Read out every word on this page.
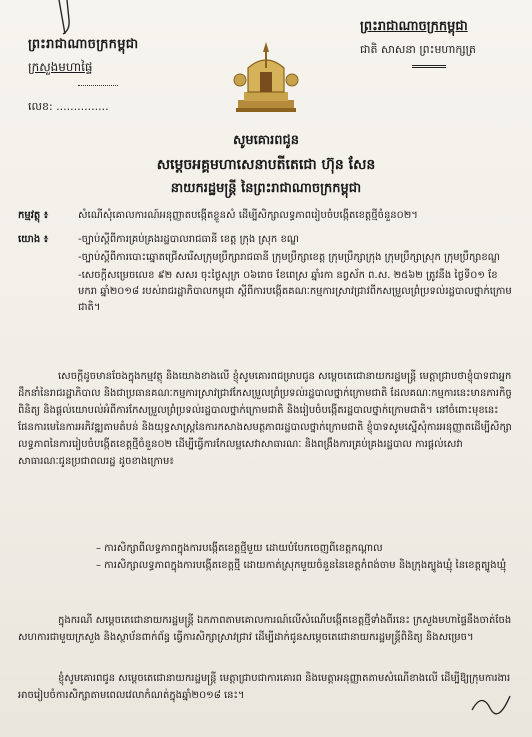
ព្រះរាជាណាចក្រកម្ពុជា
ក្រសួងមហាផ្ទៃ
លេខ: ...............
ព្រះរាជាណាចក្រកម្ពុជា
ជាតិ សាសនា ព្រះមហាក្សត្រ
សូមគោរពជូន
សម្តេចអគ្គមហាសេនាបតីតេជោ ហ៊ុន សែន
នាយករដ្ឋមន្ត្រី នៃព្រះរាជាណាចក្រកម្ពុជា
កម្មវត្ថុ ៖	សំណើសុំគោលការណ៍អនុញ្ញាតបង្កើតខ្លួនសំ ដើម្បីសិក្សាលទ្ធភាពរៀបចំបង្កើតខេត្តថ្មីចំនួន០២។
យោង ៖	-ច្បាប់ស្តីពីការគ្រប់គ្រងរដ្ឋបាលរាជធានី ខេត្ត ក្រុង ស្រុក ខណ្ឌ
-ច្បាប់ស្តីពីការបោះឆ្នោតជ្រើសរើសក្រុមប្រឹក្សារាជធានី ក្រុមប្រឹក្សាខេត្ត ក្រុមប្រឹក្សាក្រុង ក្រុមប្រឹក្សាស្រុក ក្រុមប្រឹក្សាខណ្ឌ
-សេចក្តីសម្រេចលេខ ៩២ សសរ ចុះថ្ងៃសុក្រ ០៦រោច ខែពេស្រ ឆ្នាំរកា នព្វស័ក ព.ស. ២៥៦២ ត្រូវនឹង ថ្ងៃទី០១ ខែមករា ឆ្នាំ២០១៨ របស់រាជរដ្ឋាភិបាលកម្ពុជា ស្តីពីការបង្កើតគណៈកម្មការស្រាវជ្រាវពីកសម្រួលព្រំប្រទល់រដ្ឋបាលថ្នាក់ក្រោមជាតិ។
សេចក្តីដូចមានចែងក្នុងកម្មវត្ថុ និងយោងខាងលើ ខ្ញុំសូមគោរពជម្រាបជូន សម្តេចតេជោនាយករដ្ឋមន្ត្រី មេត្តាជ្រាបថាខ្ញុំបាទជាអ្នកដឹកនាំនៃរាជរដ្ឋាភិបាល និងជាប្រធានគណៈកម្មការស្រាវជ្រាវកែសម្រួលព្រំប្រទល់រដ្ឋបាលថ្នាក់ក្រោមជាតិ ដែលគណៈកម្មការនេះមានភារកិច្ចពិនិត្យ និងផ្តល់យោបល់អំពីការកែសម្រួលព្រំប្រទល់រដ្ឋបាលថ្នាក់ក្រោមជាតិ និងរៀបចំបង្កើតរដ្ឋបាលថ្នាក់ក្រោមជាតិ។ នៅចំពោះមុខនេះ ផែនការមេនៃការអភិវឌ្ឍតាមតំបន់ និងយុទ្ធសាស្ត្រនៃការកសាងសមត្ថភាពរដ្ឋបាលថ្នាក់ក្រោមជាតិ ខ្ញុំបាទសូមស្នើសុំការអនុញ្ញាតដើម្បីសិក្សាលទ្ធភាពនៃការរៀបចំបង្កើតខេត្តថ្មីចំនួន០២ ដើម្បីធ្វើការកែលម្អសេវាសាធារណៈ និងពង្រឹងការគ្រប់គ្រងរដ្ឋបាល ការផ្តល់សេវាសាធារណៈជូនប្រជាពលរដ្ឋ ដូចខាងក្រោម៖
– ការសិក្សាពីលទ្ធភាពក្នុងការបង្កើតខេត្តថ្មីមួយ ដោយបំបែកចេញពីខេត្តកណ្តាល
– ការសិក្សាលទ្ធភាពក្នុងការបង្កើតខេត្តថ្មី ដោយកាត់ស្រុកមួយចំនួននៃខេត្តកំពង់ចាម និងក្រុងត្បូងឃ្មុំ នៃខេត្តត្បូងឃ្មុំ
ក្នុងករណី សម្តេចតេជោនាយករដ្ឋមន្ត្រី ឯកភាពតាមគោលការណ៍លើសំណើបង្កើតខេត្តថ្មីទាំងពីរនេះ ក្រសួងមហាផ្ទៃនឹងចាត់ចែងសហការជាមួយក្រសួង និងស្ថាប័នពាក់ព័ន្ធ ធ្វើការសិក្សាស្រាវជ្រាវ ដើម្បីដាក់ជូនសម្តេចតេជោនាយករដ្ឋមន្ត្រីពិនិត្យ និងសម្រេច។
ខ្ញុំសូមគោរពជូន សម្តេចតេជោនាយករដ្ឋមន្ត្រី មេត្តាជ្រាបជាការគោរព និងមេត្តាអនុញ្ញាតតាមសំណើខាងលើ ដើម្បីឱ្យក្រុមការងារអាចរៀបចំការសិក្សាតាមពេលវេលាកំណត់ក្នុងឆ្នាំ២០១៨ នេះ។
